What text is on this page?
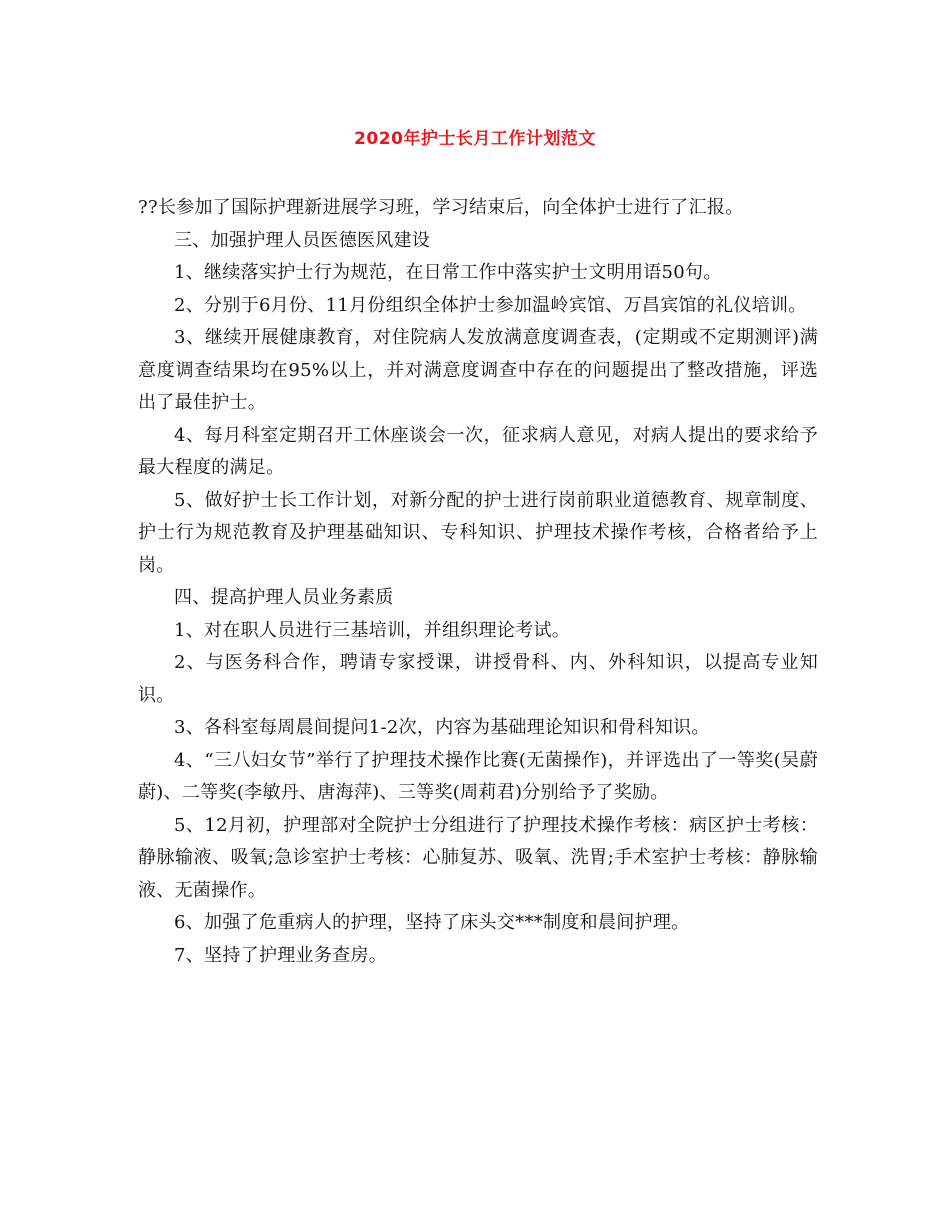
2020年护士长月工作计划范文

??长参加了国际护理新进展学习班，学习结束后，向全体护士进行了汇报。

三、加强护理人员医德医风建设

1、继续落实护士行为规范，在日常工作中落实护士文明用语50句。

2、分别于6月份、11月份组织全体护士参加温岭宾馆、万昌宾馆的礼仪培训。

3、继续开展健康教育，对住院病人发放满意度调查表，(定期或不定期测评)满意度调查结果均在95%以上，并对满意度调查中存在的问题提出了整改措施，评选出了最佳护士。

4、每月科室定期召开工休座谈会一次，征求病人意见，对病人提出的要求给予最大程度的满足。

5、做好护士长工作计划，对新分配的护士进行岗前职业道德教育、规章制度、护士行为规范教育及护理基础知识、专科知识、护理技术操作考核，合格者给予上岗。

四、提高护理人员业务素质

1、对在职人员进行三基培训，并组织理论考试。

2、与医务科合作，聘请专家授课，讲授骨科、内、外科知识，以提高专业知识。

3、各科室每周晨间提问1-2次，内容为基础理论知识和骨科知识。

4、“三八妇女节”举行了护理技术操作比赛(无菌操作)，并评选出了一等奖(吴蔚蔚)、二等奖(李敏丹、唐海萍)、三等奖(周莉君)分别给予了奖励。

5、12月初，护理部对全院护士分组进行了护理技术操作考核：病区护士考核：静脉输液、吸氧;急诊室护士考核：心肺复苏、吸氧、洗胃;手术室护士考核：静脉输液、无菌操作。

6、加强了危重病人的护理，坚持了床头交***制度和晨间护理。

7、坚持了护理业务查房。
